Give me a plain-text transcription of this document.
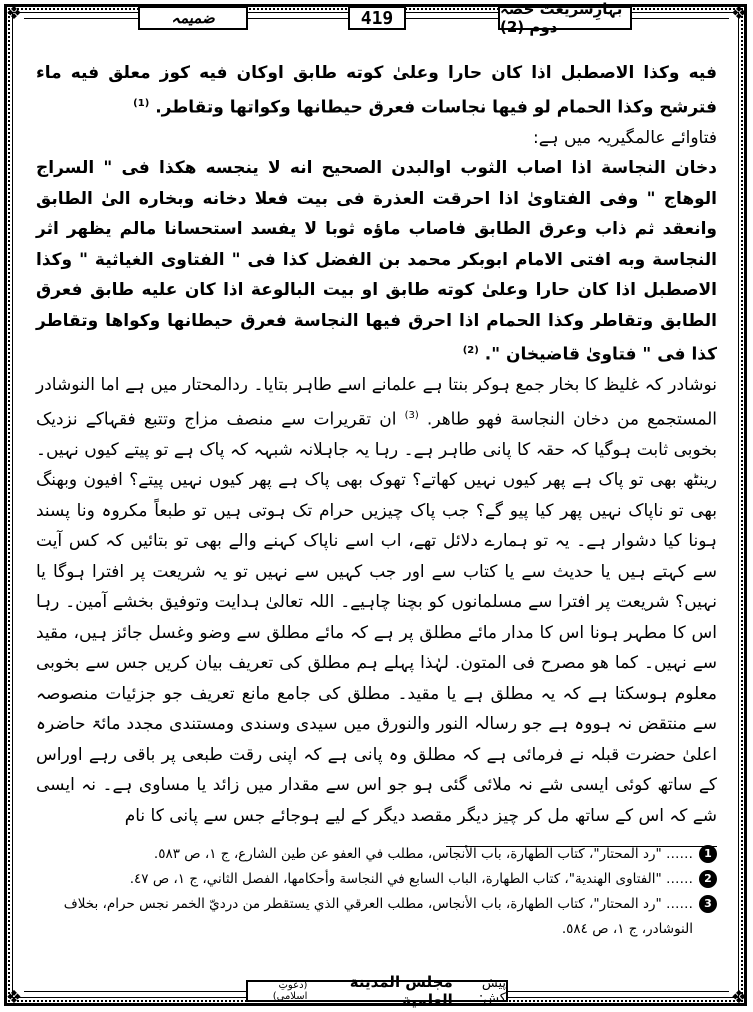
❖	❖
❖	❖
ضمیمہ	419	بہارِشریعت حصہ دوم (2)

فيه وكذا الاصطبل اذا كان حارا وعلىٰ كوته طابق اوكان فيه كوز معلق فيه ماء فترشح وكذا الحمام لو فيها نجاسات فعرق حيطانها وكواتها وتقاطر. $^{(1)}$

فتاوائے عالمگیریہ میں ہے:

دخان النجاسة اذا اصاب الثوب اوالبدن الصحيح انه لا ينجسه هكذا فى " السراج الوهاج " وفى الفتاوىٰ اذا احرقت العذرة فى بيت فعلا دخانه وبخاره الىٰ الطابق وانعقد ثم ذاب وعرق الطابق فاصاب ماؤه ثوبا لا يفسد استحسانا مالم يظهر اثر النجاسة وبه افتى الامام ابوبكر محمد بن الفضل كذا فى " الفتاوى الغياثية " وكذا الاصطبل اذا كان حارا وعلىٰ كوته طابق او بيت البالوعة اذا كان عليه طابق فعرق الطابق وتقاطر وكذا الحمام اذا احرق فيها النجاسة فعرق حيطانها وكواها وتقاطر كذا فى " فتاوىٰ قاضيخان ". $^{(2)}$

نوشادر کہ غلیظ کا بخار جمع ہوکر بنتا ہے علمانے اسے طاہر بتایا۔ ردالمحتار میں ہے اما النوشادر المستجمع من دخان النجاسة فهو طاهر. $^{(3)}$ ان تقریرات سے منصف مزاج وتتبع فقہاکے نزدیک بخوبی ثابت ہوگیا کہ حقہ کا پانی طاہر ہے۔ رہا یہ جاہلانہ شبہہ کہ پاک ہے تو پیتے کیوں نہیں۔ رینٹھ بھی تو پاک ہے پھر کیوں نہیں کھاتے؟ تھوک بھی پاک ہے پھر کیوں نہیں پیتے؟ افیون وبھنگ بھی تو ناپاک نہیں پھر کیا پیو گے؟ جب پاک چیزیں حرام تک ہوتی ہیں تو طبعاً مکروہ ونا پسند ہونا کیا دشوار ہے۔ یہ تو ہمارے دلائل تھے، اب اسے ناپاک کہنے والے بھی تو بتائیں کہ کس آیت سے کہتے ہیں یا حدیث سے یا کتاب سے اور جب کہیں سے نہیں تو یہ شریعت پر افترا ہوگا یا نہیں؟ شریعت پر افترا سے مسلمانوں کو بچنا چاہیے۔ اللہ تعالیٰ ہدایت وتوفیق بخشے آمین۔ رہا اس کا مطہر ہونا اس کا مدار مائے مطلق پر ہے کہ مائے مطلق سے وضو وغسل جائز ہیں، مقید سے نہیں۔ كما هو مصرح فى المتون. لہٰذا پہلے ہم مطلق کی تعریف بیان کریں جس سے بخوبی معلوم ہوسکتا ہے کہ یہ مطلق ہے یا مقید۔ مطلق کی جامع مانع تعریف جو جزئیات منصوصہ سے منتقض نہ ہووہ ہے جو رسالہ النور والنورق میں سیدی وسندی ومستندی مجدد مائۃ حاضرہ اعلیٰ حضرت قبلہ نے فرمائی ہے کہ مطلق وہ پانی ہے کہ اپنی رقت طبعی پر باقی رہے اوراس کے ساتھ کوئی ایسی شے نہ ملائی گئی ہو جو اس سے مقدار میں زائد یا مساوی ہے۔ نہ ایسی شے کہ اس کے ساتھ مل کر چیز دیگر مقصد دیگر کے لیے ہوجائے جس سے پانی کا نام

1
…… "رد المحتار"، كتاب الطهارة، باب الأنجاس، مطلب في العفو عن طين الشارع، ج ١، ص ٥٨٣.

2
…… "الفتاوى الهندية"، كتاب الطهارة، الباب السابع في النجاسة وأحكامها، الفصل الثاني، ج ١، ص ٤٧.

3
…… "رد المحتار"، كتاب الطهارة، باب الأنجاس، مطلب العرقي الذي يستقطر من درديّ الخمر نجس حرام، بخلاف النوشادر، ج ١، ص ٥٨٤.

پیش کش:
مجلس المدينة العلمية
(دعوتِ اسلامی)
